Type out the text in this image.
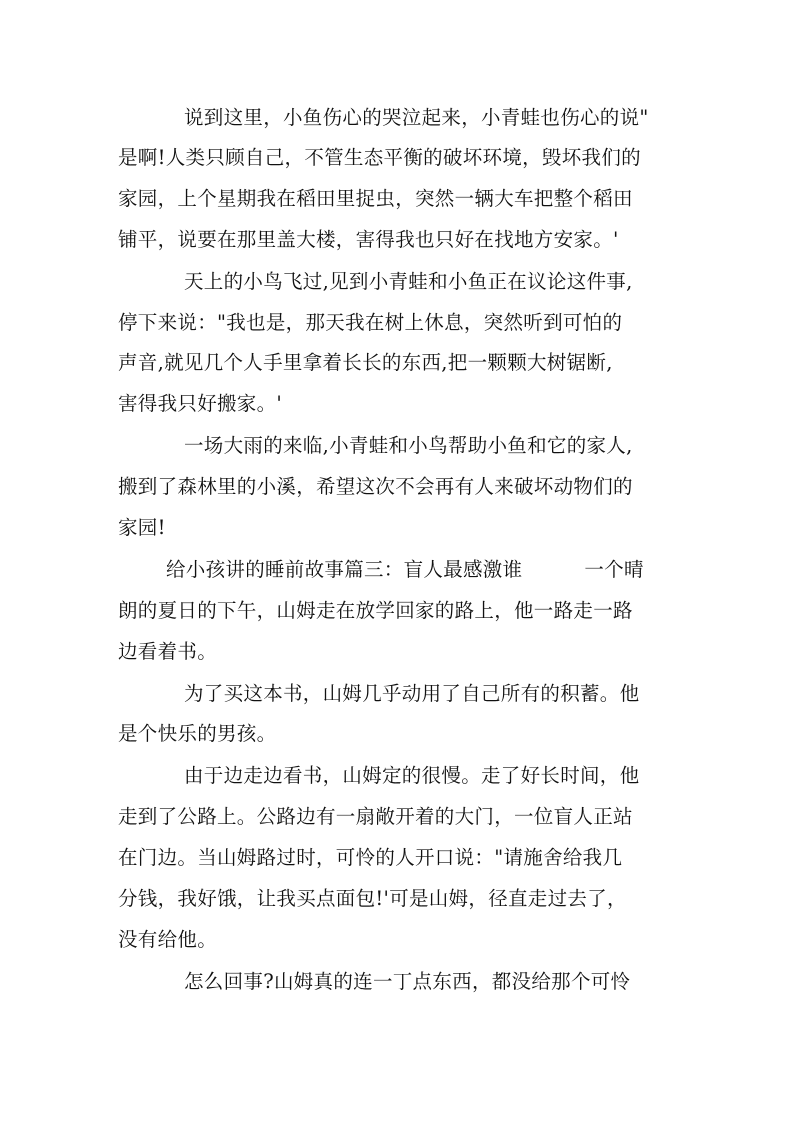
说到这里，小鱼伤心的哭泣起来，小青蛙也伤心的说"
是啊!人类只顾自己，不管生态平衡的破坏环境，毁坏我们的
家园，上个星期我在稻田里捉虫，突然一辆大车把整个稻田
铺平，说要在那里盖大楼，害得我也只好在找地方安家。'
天上的小鸟飞过,见到小青蛙和小鱼正在议论这件事,
停下来说："我也是，那天我在树上休息，突然听到可怕的
声音,就见几个人手里拿着长长的东西,把一颗颗大树锯断,
害得我只好搬家。'
一场大雨的来临,小青蛙和小鸟帮助小鱼和它的家人,
搬到了森林里的小溪，希望这次不会再有人来破坏动物们的
家园!
给小孩讲的睡前故事篇三：盲人最感激谁	一个晴
朗的夏日的下午，山姆走在放学回家的路上，他一路走一路
边看着书。
为了买这本书，山姆几乎动用了自己所有的积蓄。他
是个快乐的男孩。
由于边走边看书，山姆定的很慢。走了好长时间，他
走到了公路上。公路边有一扇敞开着的大门，一位盲人正站
在门边。当山姆路过时，可怜的人开口说："请施舍给我几
分钱，我好饿，让我买点面包!'可是山姆，径直走过去了，
没有给他。
怎么回事?山姆真的连一丁点东西，都没给那个可怜
